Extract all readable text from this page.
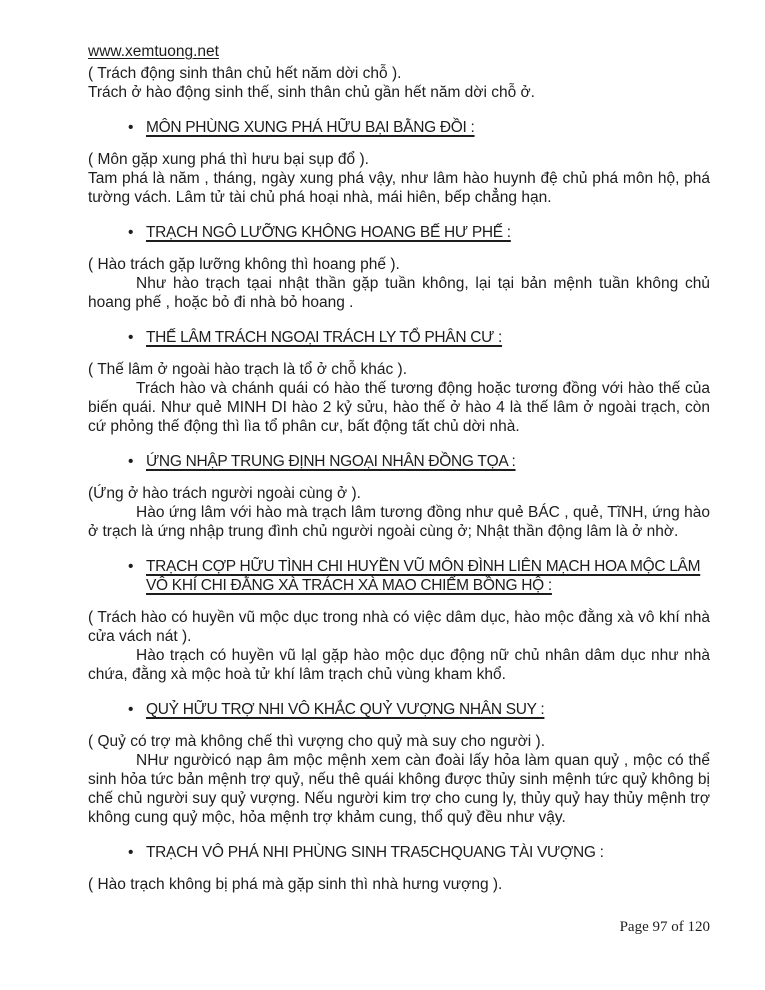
www.xemtuong.net

( Trách động sinh thân chủ hết năm dời chỗ ).

Trách ở hào động sinh thế, sinh thân chủ gần hết năm dời chỗ ở.

• MÔN PHÙNG XUNG PHÁ HỮU BẠI BẰNG ĐỒI :

( Môn gặp xung phá thì hưu bại sụp đổ ).

Tam phá là năm , tháng, ngày xung phá vậy, như lâm hào huynh đệ chủ phá môn hộ, phá tường vách. Lâm tử tài chủ phá hoại nhà, mái hiên, bếp chẳng hạn.

• TRẠCH NGÔ LƯỠNG KHÔNG HOANG BẾ HƯ PHẾ :

( Hào trách gặp lưỡng không thì hoang phế ).

Như hào trạch tạai nhật thần gặp tuần không, lại tại bản mệnh tuần không chủ hoang phế , hoặc bỏ đi nhà bỏ hoang .

• THẾ LÂM TRÁCH NGOẠI TRÁCH LY TỔ PHÂN CƯ :

( Thế lâm ở ngoài hào trạch là tổ ở chỗ khác ).

Trách hào và chánh quái có hào thế tương động hoặc tương đồng với hào thế của biến quái. Như quẻ MINH DI hào 2 kỷ sửu, hào thế ở hào 4 là thế lâm ở ngoài trạch, còn cứ phỏng thế động thì lìa tổ phân cư, bất động tất chủ dời nhà.

• ỨNG NHẬP TRUNG ĐỊNH NGOẠI NHÂN ĐỒNG TỌA :

(Ứng ở hào trách người ngoài cùng ở ).

Hào ứng lâm với hào mà trạch lâm tương đồng như quẻ BÁC , quẻ, TĩNH, ứng hào ở trạch là ứng nhập trung đình chủ người ngoài cùng ở; Nhật thần động lâm là ở nhờ.

• TRẠCH CỢP HỮU TÌNH CHI HUYỀN VŨ MÔN ĐÌNH LIÊN MẠCH HOA MỘC LÂM VÔ KHÍ CHI ĐẰNG XÀ TRÁCH XÀ MAO CHIẾM BỒNG HỘ :

( Trách hào có huyền vũ mộc dục trong nhà có việc dâm dục, hào mộc đằng xà vô khí nhà cửa vách nát ).

Hào trạch có huyền vũ lạl gặp hào mộc dục động nữ chủ nhân dâm dục như nhà chứa, đằng xà mộc hoà tử khí lâm trạch chủ vùng kham khổ.

• QUỶ HỮU TRỢ NHI VÔ KHẮC QUỶ VƯỢNG NHÂN SUY :

( Quỷ có trợ mà không chế thì vượng cho quỷ mà suy cho người ).

NHư ngườicó nạp âm mộc mệnh xem càn đoài lấy hỏa làm quan quỷ , mộc có thể sinh hỏa tức bản mệnh trợ quỷ, nếu thê quái không được thủy sinh mệnh tức quỷ không bị chế chủ người suy quỷ vượng. Nếu người kim trợ cho cung ly, thủy quỷ hay thủy mệnh trợ không cung quỷ mộc, hỏa mệnh trợ khảm cung, thổ quỷ đều như vậy.

• TRẠCH VÔ PHÁ NHI PHÙNG SINH TRA5CHQUANG TÀI VƯỢNG :

( Hào trạch không bị phá mà gặp sinh thì nhà hưng vượng ).

Page 97 of 120
